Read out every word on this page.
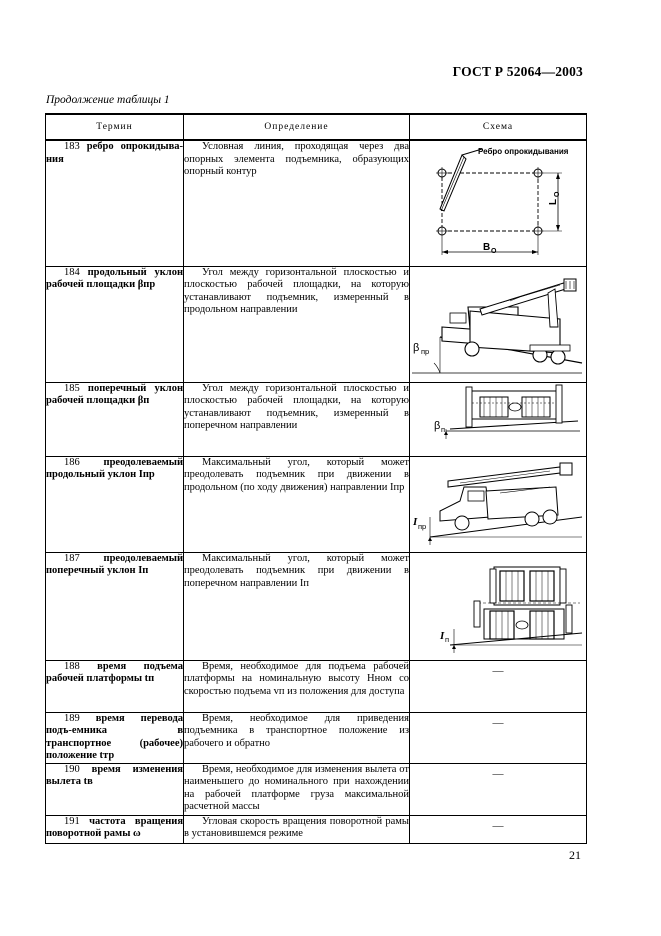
ГОСТ Р 52064—2003
Продолжение таблицы 1
Термин	Определение	Схема
183 ребро опрокидыва-ния	Условная линия, проходящая через два опорных элемента подъемника, образующих опорный контур	Ребро опрокидывания
B O
L
O

184 продольный уклон рабочей площадки βпр	Угол между горизонтальной плоскостью и плоскостью рабочей площадки, на которую устанавливают подъемник, измеренный в продольном направлении	β пр

185 поперечный уклон рабочей площадки βп	Угол между горизонтальной плоскостью и плоскостью рабочей площадки, на которую устанавливают подъемник, измеренный в поперечном направлении	β п

186 преодолеваемый продольный уклон Iпр	Максимальный угол, который может преодолевать подъемник при движении в продольном (по ходу движения) направлении Iпр	I пр

187 преодолеваемый поперечный уклон Iп	Максимальный угол, который может преодолевать подъемник при движении в поперечном направлении Iп	I п

188 время подъема рабочей платформы tп	Время, необходимое для подъема рабочей платформы на номинальную высоту Hном со скоростью подъема vп из положения для доступа	—

189 время перевода подъ-емника в транспортное (рабочее) положение tтр	Время, необходимое для приведения подъемника в транспортное положение из рабочего и обратно	—

190 время изменения вылета tв	Время, необходимое для изменения вылета от наименьшего до номинального при нахождении на рабочей платформе груза максимальной расчетной массы	—

191 частота вращения поворотной рамы ω	Угловая скорость вращения поворотной рамы в установившемся режиме	—
21
